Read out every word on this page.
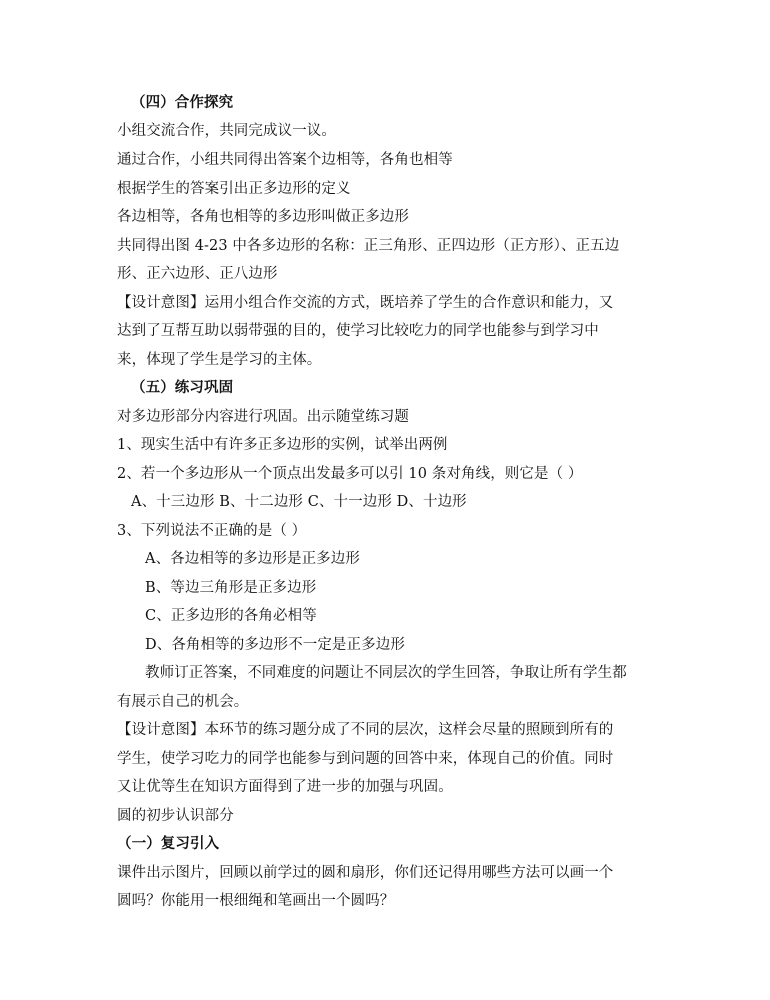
（四）合作探究
小组交流合作，共同完成议一议。
通过合作，小组共同得出答案个边相等，各角也相等
根据学生的答案引出正多边形的定义
各边相等，各角也相等的多边形叫做正多边形
共同得出图 4-23 中各多边形的名称：正三角形、正四边形（正方形）、正五边
形、正六边形、正八边形
【设计意图】运用小组合作交流的方式，既培养了学生的合作意识和能力，又
达到了互帮互助以弱带强的目的，使学习比较吃力的同学也能参与到学习中
来，体现了学生是学习的主体。
（五）练习巩固
对多边形部分内容进行巩固。出示随堂练习题
1、现实生活中有许多正多边形的实例，试举出两例
2、若一个多边形从一个顶点出发最多可以引 10 条对角线，则它是（ ）
A、十三边形 B、十二边形 C、十一边形 D、十边形
3、下列说法不正确的是（ ）
A、各边相等的多边形是正多边形
B、等边三角形是正多边形
C、正多边形的各角必相等
D、各角相等的多边形不一定是正多边形
教师订正答案，不同难度的问题让不同层次的学生回答，争取让所有学生都
有展示自己的机会。
【设计意图】本环节的练习题分成了不同的层次，这样会尽量的照顾到所有的
学生，使学习吃力的同学也能参与到问题的回答中来，体现自己的价值。同时
又让优等生在知识方面得到了进一步的加强与巩固。
圆的初步认识部分
（一）复习引入
课件出示图片，回顾以前学过的圆和扇形，你们还记得用哪些方法可以画一个
圆吗？你能用一根细绳和笔画出一个圆吗？
